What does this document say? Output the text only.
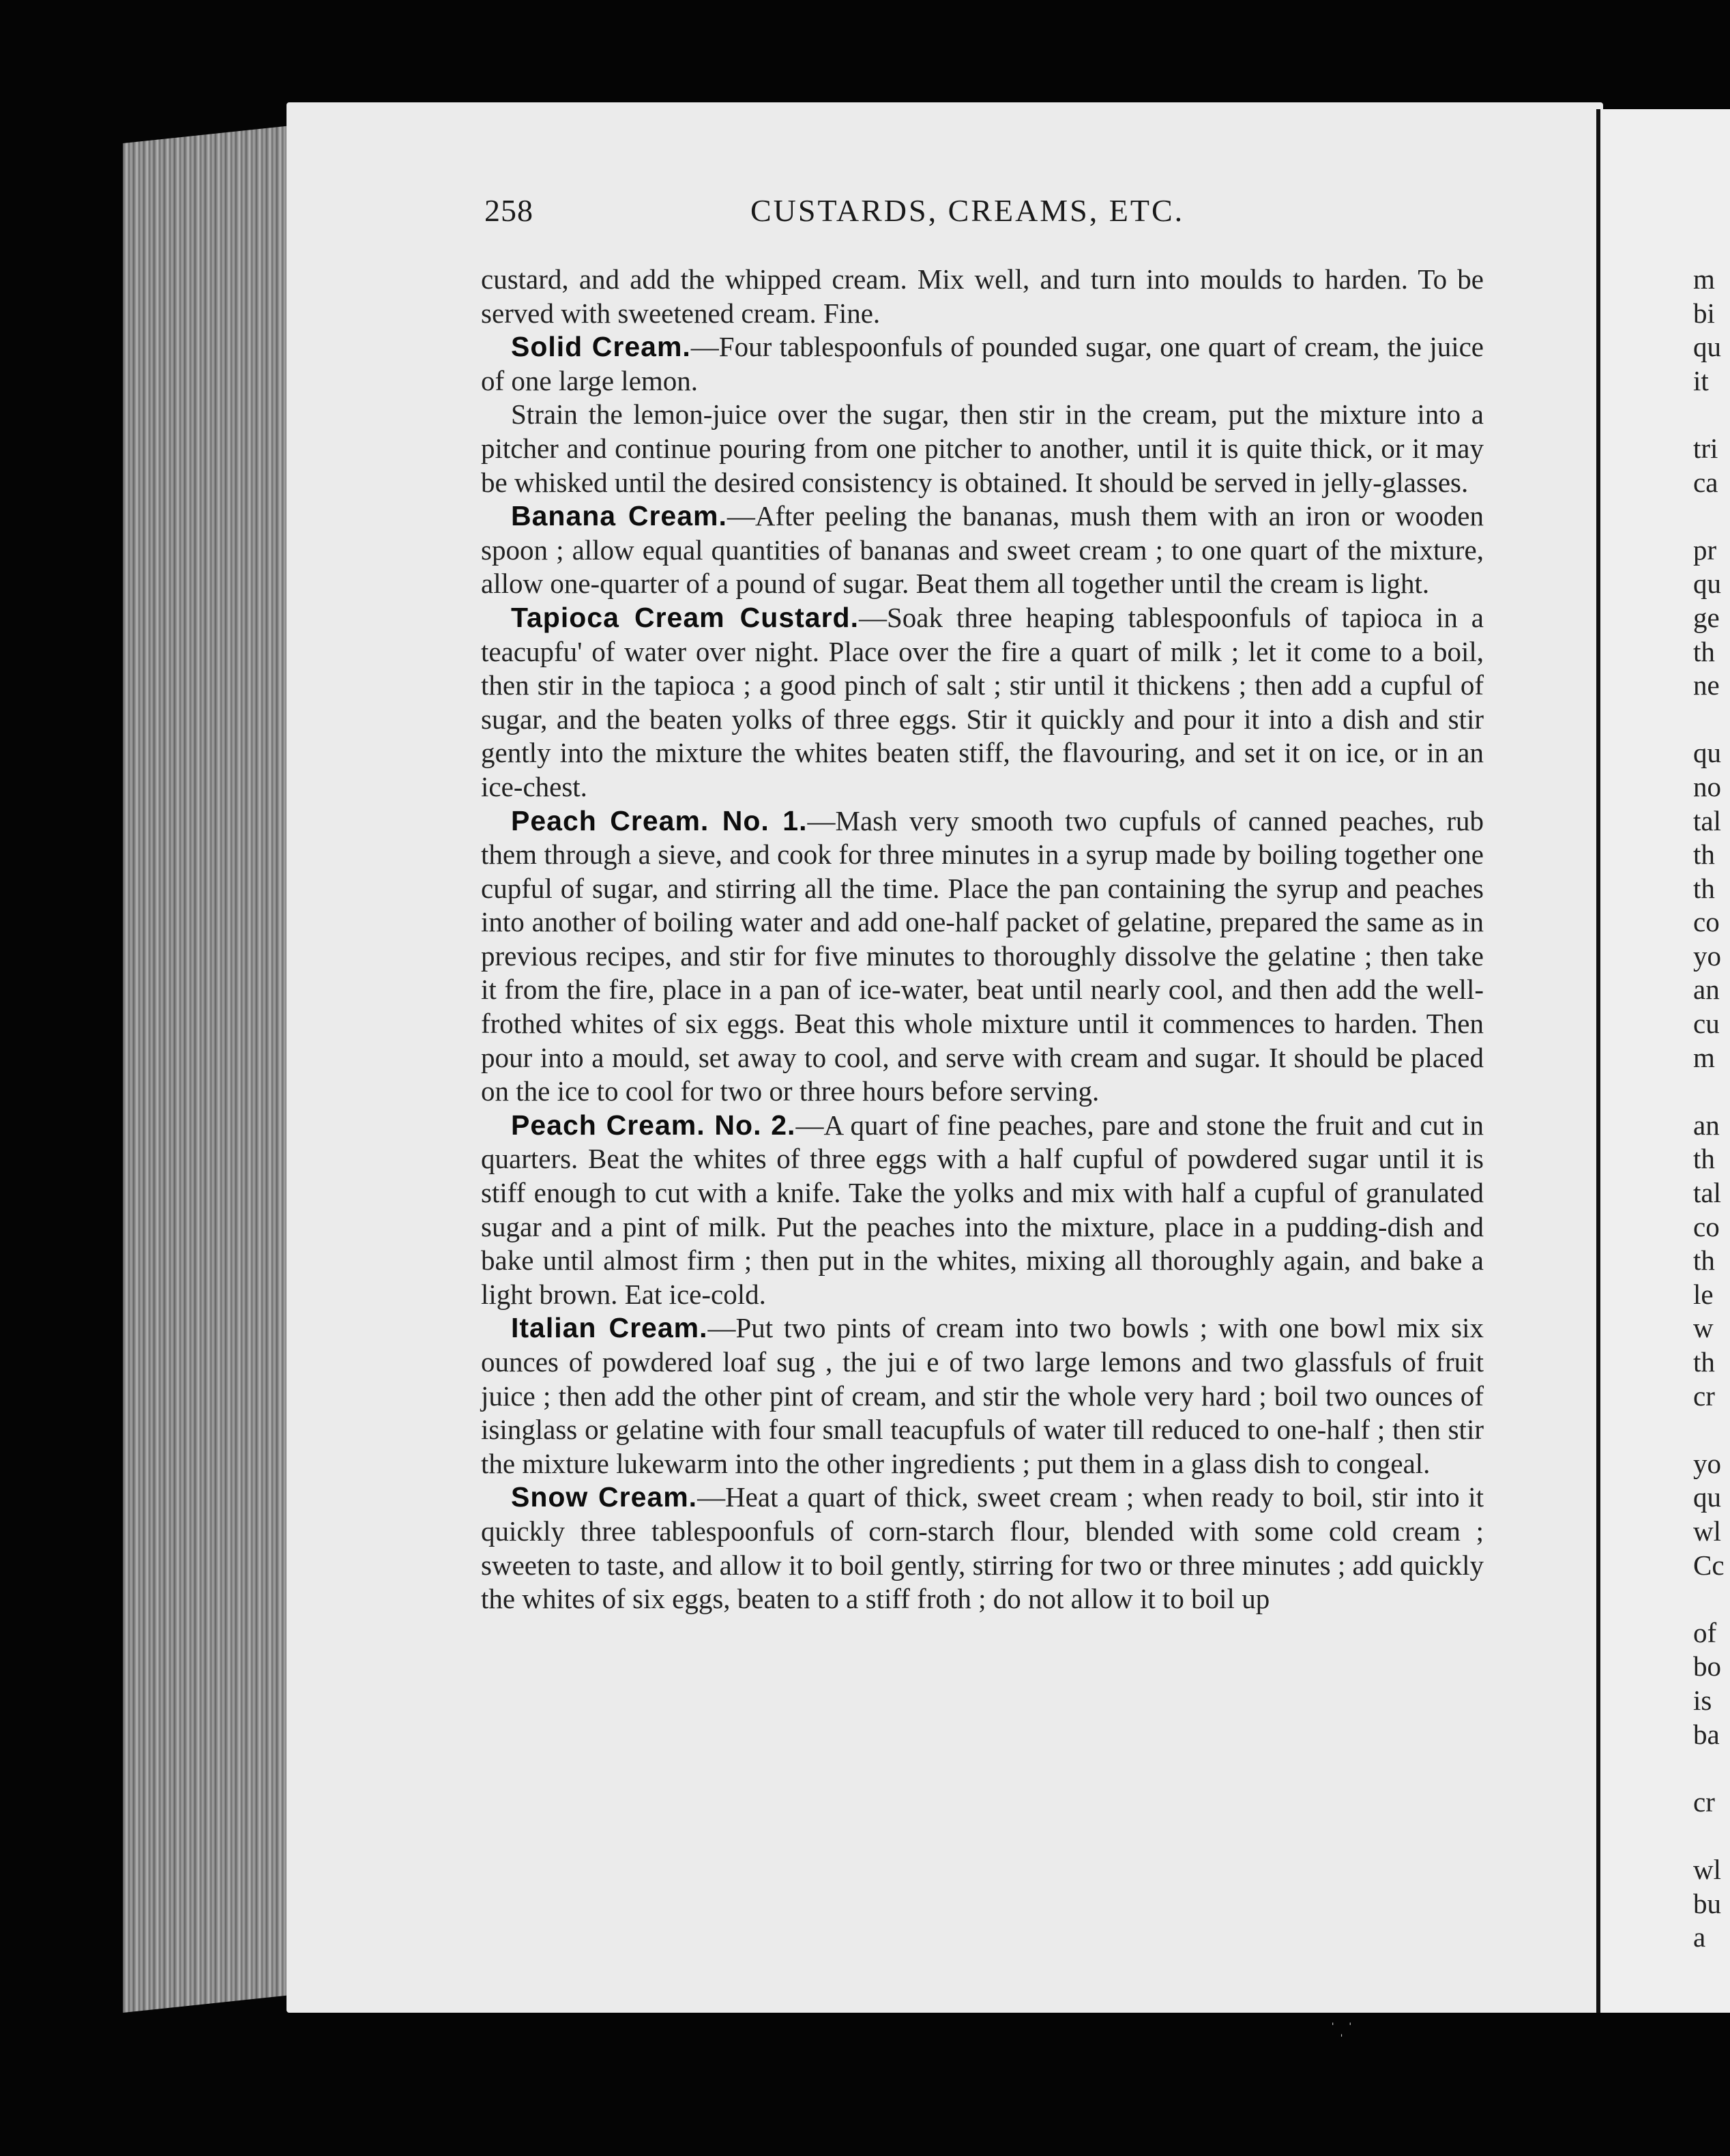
258	CUSTARDS, CREAMS, ETC.

custard, and add the whipped cream. Mix well, and turn into moulds to harden. To be served with sweetened cream. Fine.

Solid Cream.—Four tablespoonfuls of pounded sugar, one quart of cream, the juice of one large lemon.

Strain the lemon-juice over the sugar, then stir in the cream, put the mixture into a pitcher and continue pouring from one pitcher to another, until it is quite thick, or it may be whisked until the desired consistency is obtained. It should be served in jelly-glasses.

Banana Cream.—After peeling the bananas, mush them with an iron or wooden spoon ; allow equal quantities of bananas and sweet cream ; to one quart of the mixture, allow one-quarter of a pound of sugar. Beat them all together until the cream is light.

Tapioca Cream Custard.—Soak three heaping tablespoonfuls of tapioca in a teacupfu' of water over night. Place over the fire a quart of milk ; let it come to a boil, then stir in the tapioca ; a good pinch of salt ; stir until it thickens ; then add a cupful of sugar, and the beaten yolks of three eggs. Stir it quickly and pour it into a dish and stir gently into the mixture the whites beaten stiff, the flavouring, and set it on ice, or in an ice-chest.

Peach Cream. No. 1.—Mash very smooth two cupfuls of canned peaches, rub them through a sieve, and cook for three minutes in a syrup made by boiling together one cupful of sugar, and stirring all the time. Place the pan containing the syrup and peaches into another of boiling water and add one-half packet of gelatine, prepared the same as in previous recipes, and stir for five minutes to thoroughly dissolve the gelatine ; then take it from the fire, place in a pan of ice-water, beat until nearly cool, and then add the well-frothed whites of six eggs. Beat this whole mixture until it commences to harden. Then pour into a mould, set away to cool, and serve with cream and sugar. It should be placed on the ice to cool for two or three hours before serving.

Peach Cream. No. 2.—A quart of fine peaches, pare and stone the fruit and cut in quarters. Beat the whites of three eggs with a half cupful of powdered sugar until it is stiff enough to cut with a knife. Take the yolks and mix with half a cupful of granulated sugar and a pint of milk. Put the peaches into the mixture, place in a pudding-dish and bake until almost firm ; then put in the whites, mixing all thoroughly again, and bake a light brown. Eat ice-cold.

Italian Cream.—Put two pints of cream into two bowls ; with one bowl mix six ounces of powdered loaf sug , the jui e of two large lemons and two glassfuls of fruit juice ; then add the other pint of cream, and stir the whole very hard ; boil two ounces of isinglass or gelatine with four small teacupfuls of water till reduced to one-half ; then stir the mixture lukewarm into the other ingredients ; put them in a glass dish to congeal.

Snow Cream.—Heat a quart of thick, sweet cream ; when ready to boil, stir into it quickly three tablespoonfuls of corn-starch flour, blended with some cold cream ; sweeten to taste, and allow it to boil gently, stirring for two or three minutes ; add quickly the whites of six eggs, beaten to a stiff froth ; do not allow it to boil up

m
bi
qu
it
tri
ca
pr
qu
ge
th
ne
qu
no
tal
th
th
co
yo
an
cu
m
an
th
tal
co
th
le
w
th
cr
yo
qu
wl
Cc
of
bo
is
ba
cr
wl
bu
a
ˈ ˌ ˈ
